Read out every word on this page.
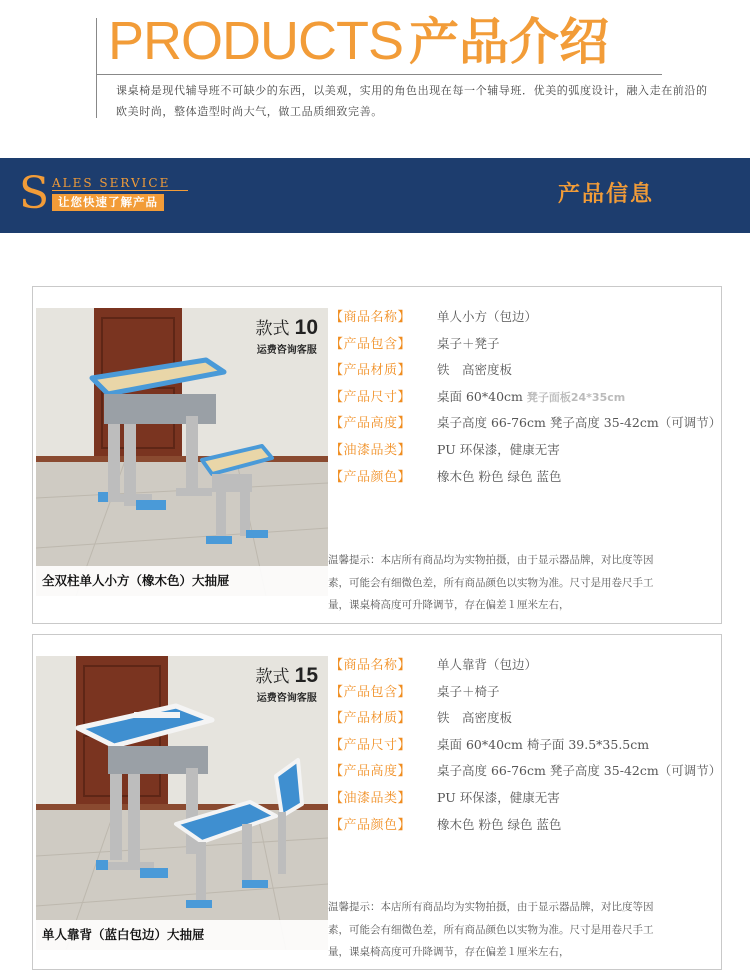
PRODUCTS 产品介绍
课桌椅是现代辅导班不可缺少的东西，以美观，实用的角色出现在每一个辅导班．优美的弧度设计，融入走在前沿的欧美时尚，整体造型时尚大气，做工品质细致完善。
S ALES SERVICE
让您快速了解产品	产品信息
款式 10
运费咨询客服
全双柱单人小方（橡木色）大抽屉
【商品名称】 单人小方（包边）
【产品包含】 桌子＋凳子
【产品材质】 铁　高密度板
【产品尺寸】 桌面 60*40cm 凳子面板24*35cm
【产品高度】 桌子高度 66-76cm 凳子高度 35-42cm（可调节）
【油漆品类】 PU 环保漆，健康无害
【产品颜色】 橡木色 粉色 绿色 蓝色
温馨提示：本店所有商品均为实物拍摄，由于显示器品牌，对比度等因素，可能会有细微色差，所有商品颜色以实物为准。尺寸是用卷尺手工量，课桌椅高度可升降调节，存在偏差１厘米左右，
款式 15
运费咨询客服
单人靠背（蓝白包边）大抽屉
【商品名称】 单人靠背（包边）
【产品包含】 桌子＋椅子
【产品材质】 铁　高密度板
【产品尺寸】 桌面 60*40cm 椅子面 39.5*35.5cm
【产品高度】 桌子高度 66-76cm 凳子高度 35-42cm（可调节）
【油漆品类】 PU 环保漆，健康无害
【产品颜色】 橡木色 粉色 绿色 蓝色
温馨提示：本店所有商品均为实物拍摄，由于显示器品牌，对比度等因素，可能会有细微色差，所有商品颜色以实物为准。尺寸是用卷尺手工量，课桌椅高度可升降调节，存在偏差１厘米左右，
